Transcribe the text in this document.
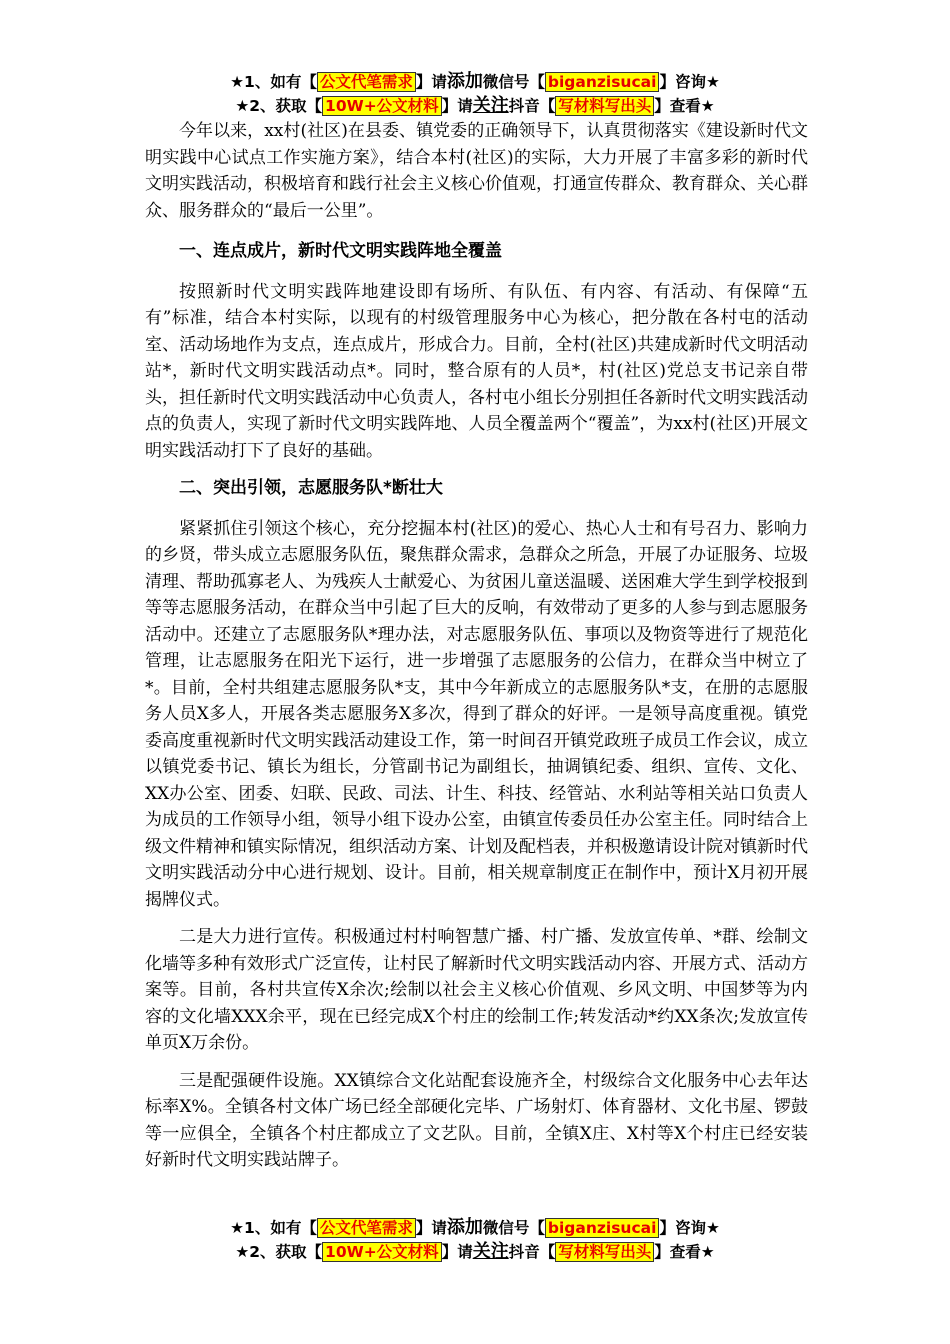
★1、如有【 公文代笔需求 】请添加微信号【 biganzisucai 】咨询★
★2、获取【 10W+公文材料 】请关注抖音【 写材料写出头 】查看★

今年以来，xx村(社区)在县委、镇党委的正确领导下，认真贯彻落实《建设新时代文明实践中心试点工作实施方案》，结合本村(社区)的实际，大力开展了丰富多彩的新时代文明实践活动，积极培育和践行社会主义核心价值观，打通宣传群众、教育群众、关心群众、服务群众的“最后一公里”。

一、连点成片，新时代文明实践阵地全覆盖

按照新时代文明实践阵地建设即有场所、有队伍、有内容、有活动、有保障“五有”标准，结合本村实际，以现有的村级管理服务中心为核心，把分散在各村屯的活动室、活动场地作为支点，连点成片，形成合力。目前，全村(社区)共建成新时代文明活动站*，新时代文明实践活动点*。同时，整合原有的人员*，村(社区)党总支书记亲自带头，担任新时代文明实践活动中心负责人，各村屯小组长分别担任各新时代文明实践活动点的负责人，实现了新时代文明实践阵地、人员全覆盖两个“覆盖”，为xx村(社区)开展文明实践活动打下了良好的基础。

二、突出引领，志愿服务队*断壮大

紧紧抓住引领这个核心，充分挖掘本村(社区)的爱心、热心人士和有号召力、影响力的乡贤，带头成立志愿服务队伍，聚焦群众需求，急群众之所急，开展了办证服务、垃圾清理、帮助孤寡老人、为残疾人士献爱心、为贫困儿童送温暖、送困难大学生到学校报到等等志愿服务活动，在群众当中引起了巨大的反响，有效带动了更多的人参与到志愿服务活动中。还建立了志愿服务队*理办法，对志愿服务队伍、事项以及物资等进行了规范化管理，让志愿服务在阳光下运行，进一步增强了志愿服务的公信力，在群众当中树立了*。目前，全村共组建志愿服务队*支，其中今年新成立的志愿服务队*支，在册的志愿服务人员X多人，开展各类志愿服务X多次，得到了群众的好评。一是领导高度重视。镇党委高度重视新时代文明实践活动建设工作，第一时间召开镇党政班子成员工作会议，成立以镇党委书记、镇长为组长，分管副书记为副组长，抽调镇纪委、组织、宣传、文化、XX办公室、团委、妇联、民政、司法、计生、科技、经管站、水利站等相关站口负责人为成员的工作领导小组，领导小组下设办公室，由镇宣传委员任办公室主任。同时结合上级文件精神和镇实际情况，组织活动方案、计划及配档表，并积极邀请设计院对镇新时代文明实践活动分中心进行规划、设计。目前，相关规章制度正在制作中，预计X月初开展揭牌仪式。

二是大力进行宣传。积极通过村村响智慧广播、村广播、发放宣传单、*群、绘制文化墙等多种有效形式广泛宣传，让村民了解新时代文明实践活动内容、开展方式、活动方案等。目前，各村共宣传X余次;绘制以社会主义核心价值观、乡风文明、中国梦等为内容的文化墙XXX余平，现在已经完成X个村庄的绘制工作;转发活动*约XX条次;发放宣传单页X万余份。

三是配强硬件设施。XX镇综合文化站配套设施齐全，村级综合文化服务中心去年达标率X%。全镇各村文体广场已经全部硬化完毕、广场射灯、体育器材、文化书屋、锣鼓等一应俱全，全镇各个村庄都成立了文艺队。目前，全镇X庄、X村等X个村庄已经安装好新时代文明实践站牌子。

★1、如有【 公文代笔需求 】请添加微信号【 biganzisucai 】咨询★
★2、获取【 10W+公文材料 】请关注抖音【 写材料写出头 】查看★
